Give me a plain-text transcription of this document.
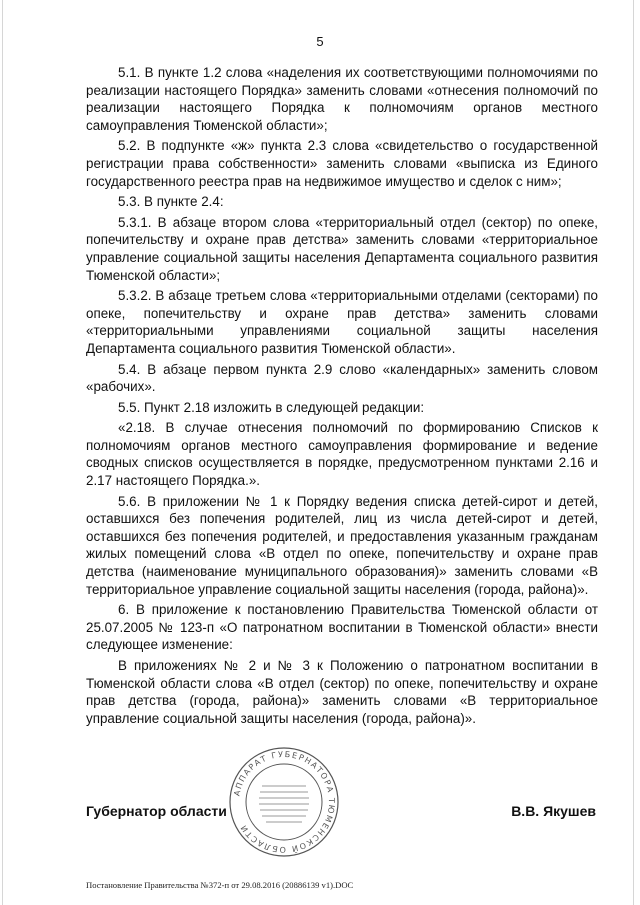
5

5.1. В пункте 1.2 слова «наделения их соответствующими полномочиями по реализации настоящего Порядка» заменить словами «отнесения полномочий по реализации настоящего Порядка к полномочиям органов местного самоуправления Тюменской области»;

5.2. В подпункте «ж» пункта 2.3 слова «свидетельство о государственной регистрации права собственности» заменить словами «выписка из Единого государственного реестра прав на недвижимое имущество и сделок с ним»;

5.3. В пункте 2.4:

5.3.1. В абзаце втором слова «территориальный отдел (сектор) по опеке, попечительству и охране прав детства» заменить словами «территориальное управление социальной защиты населения Департамента социального развития Тюменской области»;

5.3.2. В абзаце третьем слова «территориальными отделами (секторами) по опеке, попечительству и охране прав детства» заменить словами «территориальными управлениями социальной защиты населения Департамента социального развития Тюменской области».

5.4. В абзаце первом пункта 2.9 слово «календарных» заменить словом «рабочих».

5.5. Пункт 2.18 изложить в следующей редакции:

«2.18. В случае отнесения полномочий по формированию Списков к полномочиям органов местного самоуправления формирование и ведение сводных списков осуществляется в порядке, предусмотренном пунктами 2.16 и 2.17 настоящего Порядка.».

5.6. В приложении № 1 к Порядку ведения списка детей-сирот и детей, оставшихся без попечения родителей, лиц из числа детей-сирот и детей, оставшихся без попечения родителей, и предоставления указанным гражданам жилых помещений слова «В отдел по опеке, попечительству и охране прав детства (наименование муниципального образования)» заменить словами «В территориальное управление социальной защиты населения (города, района)».

6. В приложение к постановлению Правительства Тюменской области от 25.07.2005 № 123-п «О патронатном воспитании в Тюменской области» внести следующее изменение:

В приложениях № 2 и № 3 к Положению о патронатном воспитании в Тюменской области слова «В отдел (сектор) по опеке, попечительству и охране прав детства (города, района)» заменить словами «В территориальное управление социальной защиты населения (города, района)».

АППАРАТ ГУБЕРНАТОРА ТЮМЕНСКОЙ ОБЛАСТИ
Губернатор области	В.В. Якушев
Постановление Правительства №372-п от 29.08.2016 (20886139 v1).DOC
